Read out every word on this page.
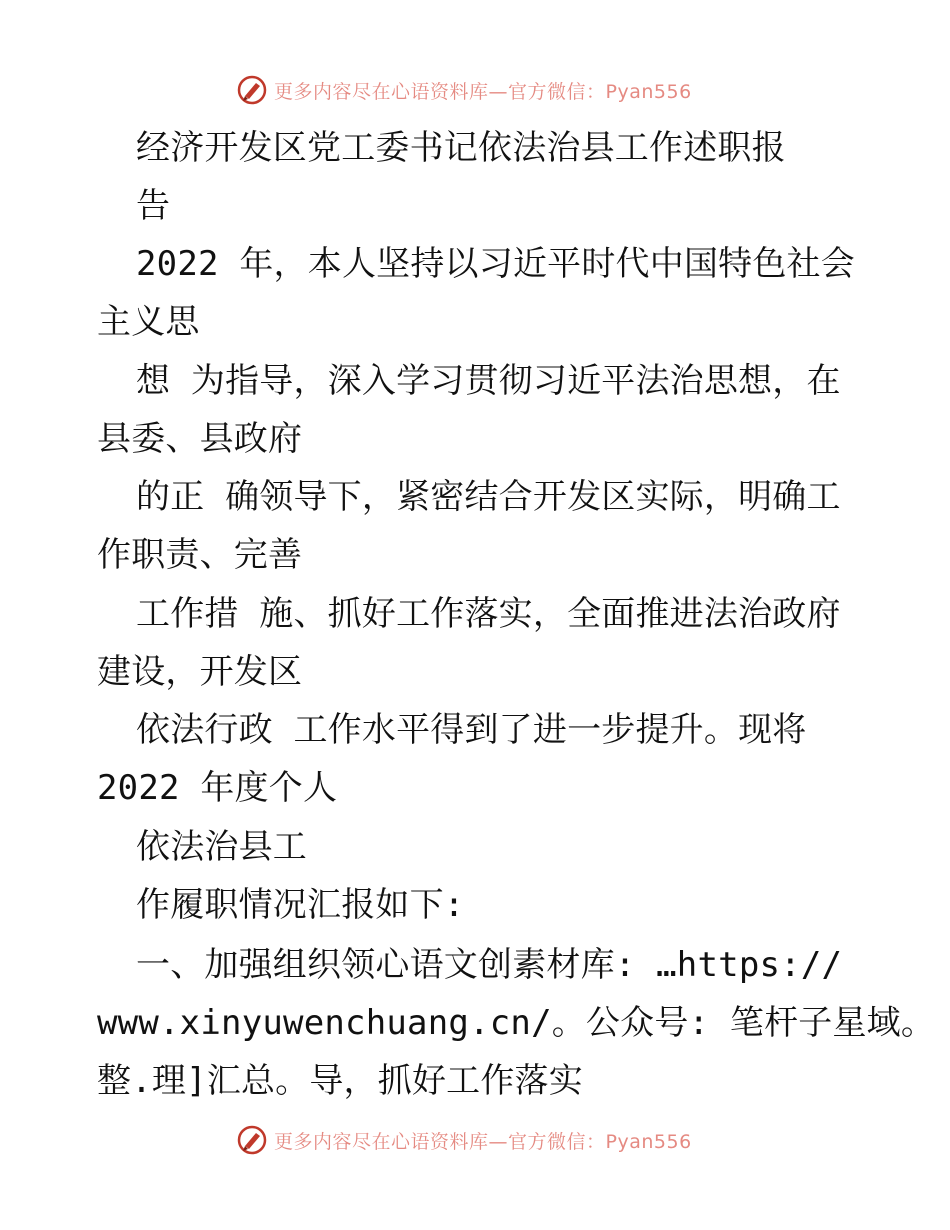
更多内容尽在心语资料库—官方微信：Pyan556
经济开发区党工委书记依法治县工作述职报
告
2022 年，本人坚持以习近平时代中国特色社会
主义思
想 为指导，深入学习贯彻习近平法治思想，在
县委、县政府
的正 确领导下，紧密结合开发区实际，明确工
作职责、完善
工作措 施、抓好工作落实，全面推进法治政府
建设，开发区
依法行政 工作水平得到了进一步提升。现将
2022 年度个人
依法治县工
作履职情况汇报如下:
一、加强组织领心语文创素材库: …https://
www.xinyuwenchuang.cn/。公众号: 笔杆子星域。
整.理]汇总。导，抓好工作落实
更多内容尽在心语资料库—官方微信：Pyan556
